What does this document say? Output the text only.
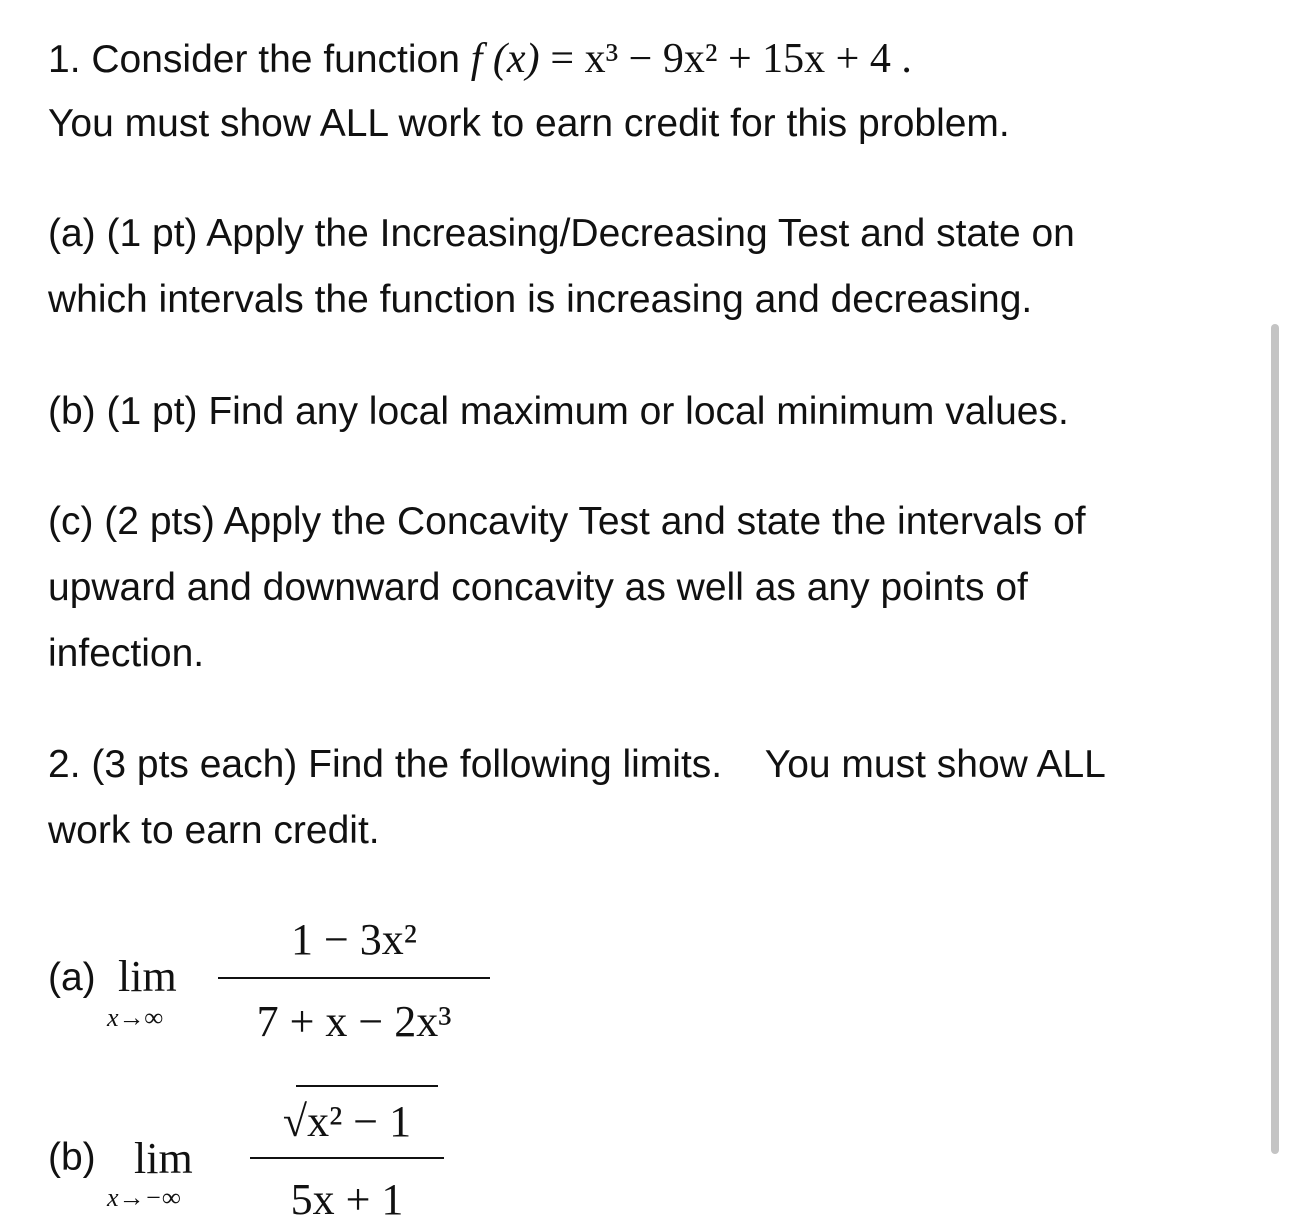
1. Consider the function f (x) = x³ − 9x² + 15x + 4 .
You must show ALL work to earn credit for this problem.
(a) (1 pt) Apply the Increasing/Decreasing Test and state on
which intervals the function is increasing and decreasing.
(b) (1 pt) Find any local maximum or local minimum values.
(c) (2 pts) Apply the Concavity Test and state the intervals of
upward and downward concavity as well as any points of
infection.
2. (3 pts each) Find the following limits.    You must show ALL
work to earn credit.
(a) lim
x→∞
1 − 3x²
7 + x − 2x³
(b) lim
x→−∞
√x² − 1
5x + 1
